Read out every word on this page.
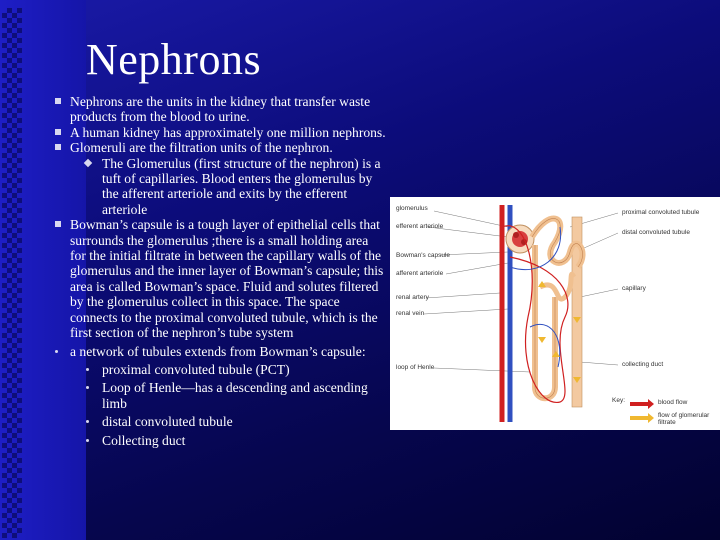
Nephrons
Nephrons are the units in the kidney that transfer waste products from the blood to urine.
A human kidney has approximately one million nephrons.
Glomeruli are the filtration units of the nephron.
The Glomerulus (first structure of the nephron) is a tuft of capillaries. Blood enters the glomerulus by the afferent arteriole and exits by the efferent arteriole
Bowman’s capsule is a tough layer of epithelial cells that surrounds the glomerulus ;there is a small holding area for the initial filtrate in between the capillary walls of the glomerulus and the inner layer of Bowman’s capsule; this area is called Bowman’s space. Fluid and solutes filtered by the glomerulus collect in this space. The space connects to the proximal convoluted tubule, which is the first section of the nephron’s tube system
a network of tubules extends from Bowman’s capsule:
proximal convoluted tubule (PCT)
Loop of Henle—has a descending and ascending limb
distal convoluted tubule
Collecting duct
glomerulus
efferent arteriole
Bowman's capsule
afferent arteriole
renal artery
renal vein
loop of Henle
proximal convoluted tubule
distal convoluted tubule
capillary
collecting duct
Key:	blood flow
flow of glomerular filtrate
